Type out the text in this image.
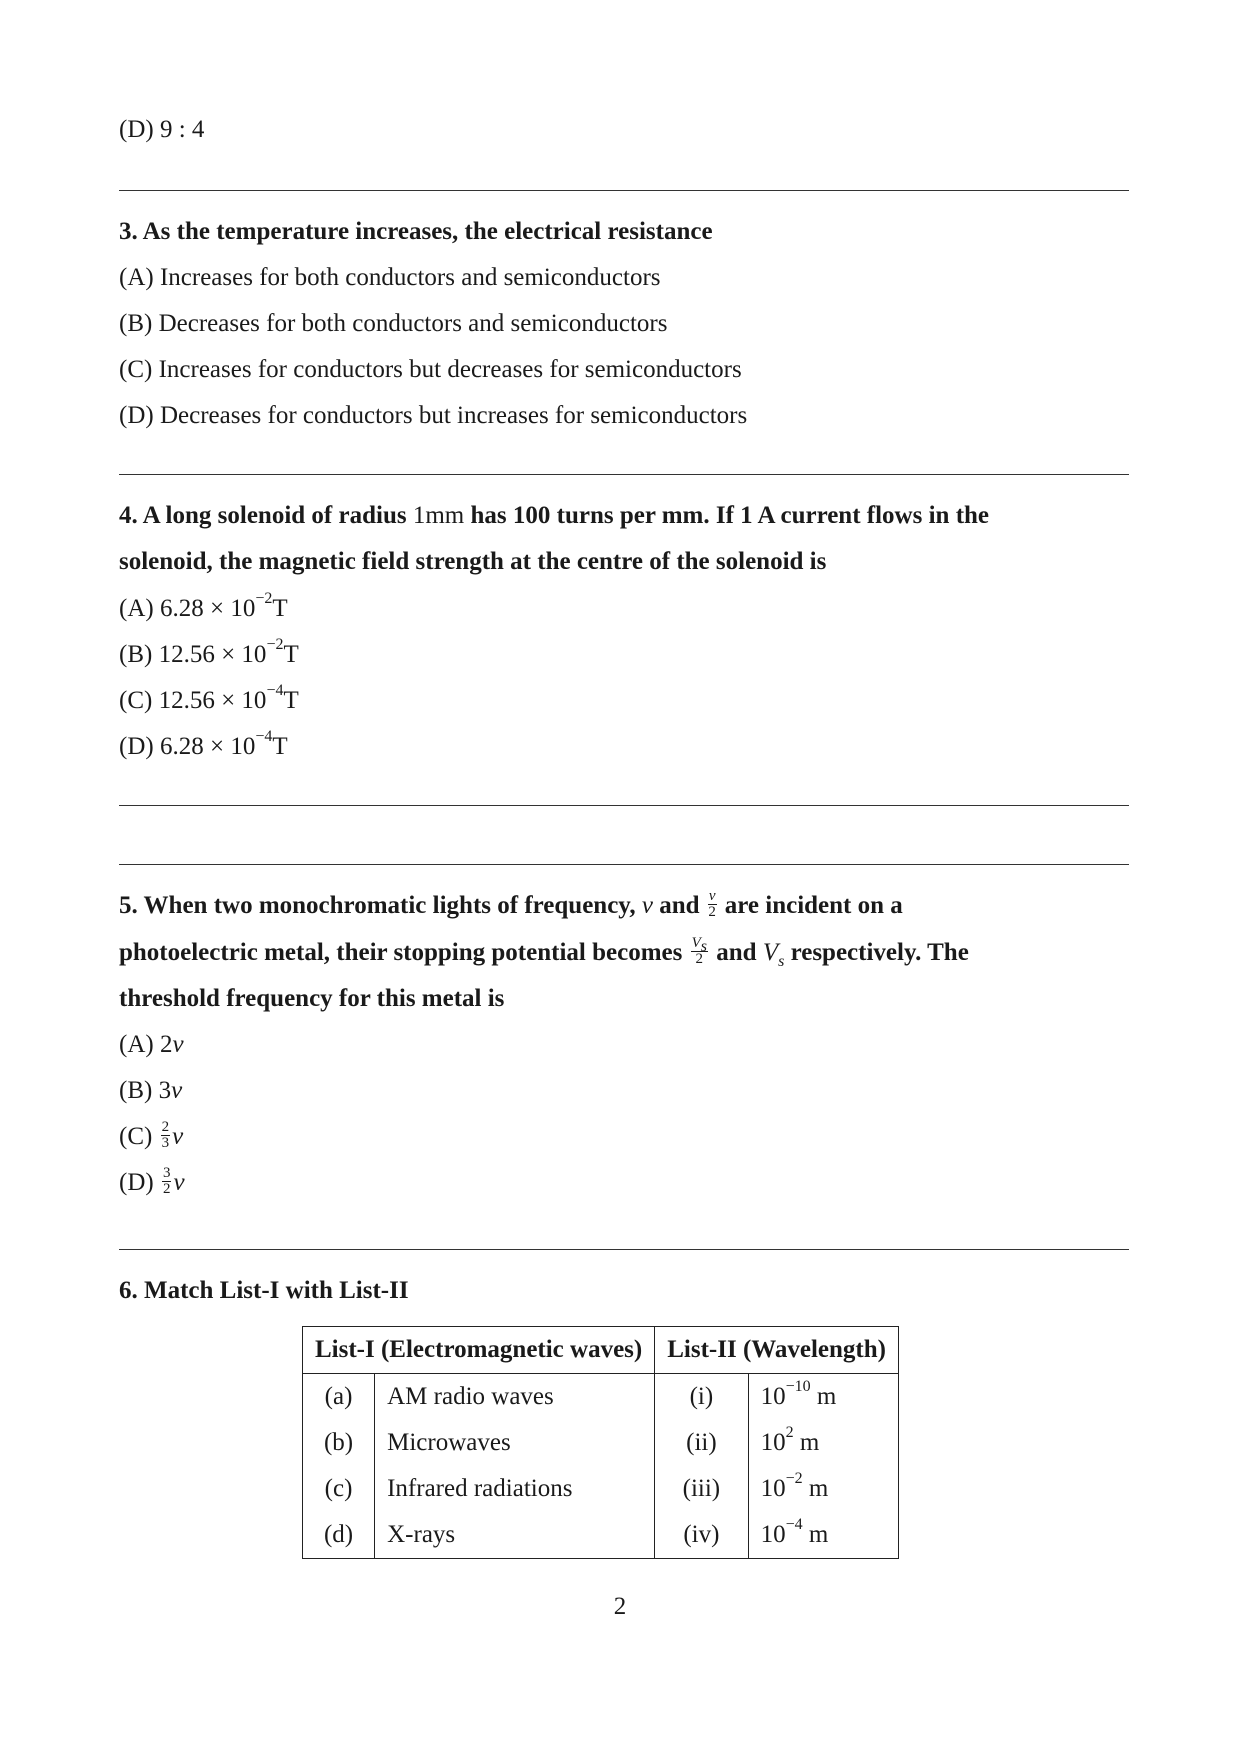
(D) 9 : 4
3. As the temperature increases, the electrical resistance
(A) Increases for both conductors and semiconductors
(B) Decreases for both conductors and semiconductors
(C) Increases for conductors but decreases for semiconductors
(D) Decreases for conductors but increases for semiconductors
4. A long solenoid of radius 1mm has 100 turns per mm. If 1 A current flows in the
solenoid, the magnetic field strength at the centre of the solenoid is
(A) $6.28 \times 10^{-2}T$
(B) $12.56 \times 10^{-2}T$
(C) $12.56 \times 10^{-4}T$
(D) $6.28 \times 10^{-4}T$
5. When two monochromatic lights of frequency, ν and $\frac{\nu}{2}$ are incident on a
photoelectric metal, their stopping potential becomes $\frac{V_s}{2}$ and $V_s$ respectively. The
threshold frequency for this metal is
(A) 2ν
(B) 3ν
$(C) \frac{2}{3}$ ν
$(D) \frac{3}{2}$ ν
6. Match List-I with List-II
List-I (Electromagnetic waves)		List-II (Wavelength)	
(a)	AM radio waves	(i)	$10^{-10}$ m
(b)	Microwaves	(ii)	$10^2$ m
(c)	Infrared radiations	(iii)	$10^{-2}$ m
(d)	X-rays	(iv)	$10^{-4}$ m
2
